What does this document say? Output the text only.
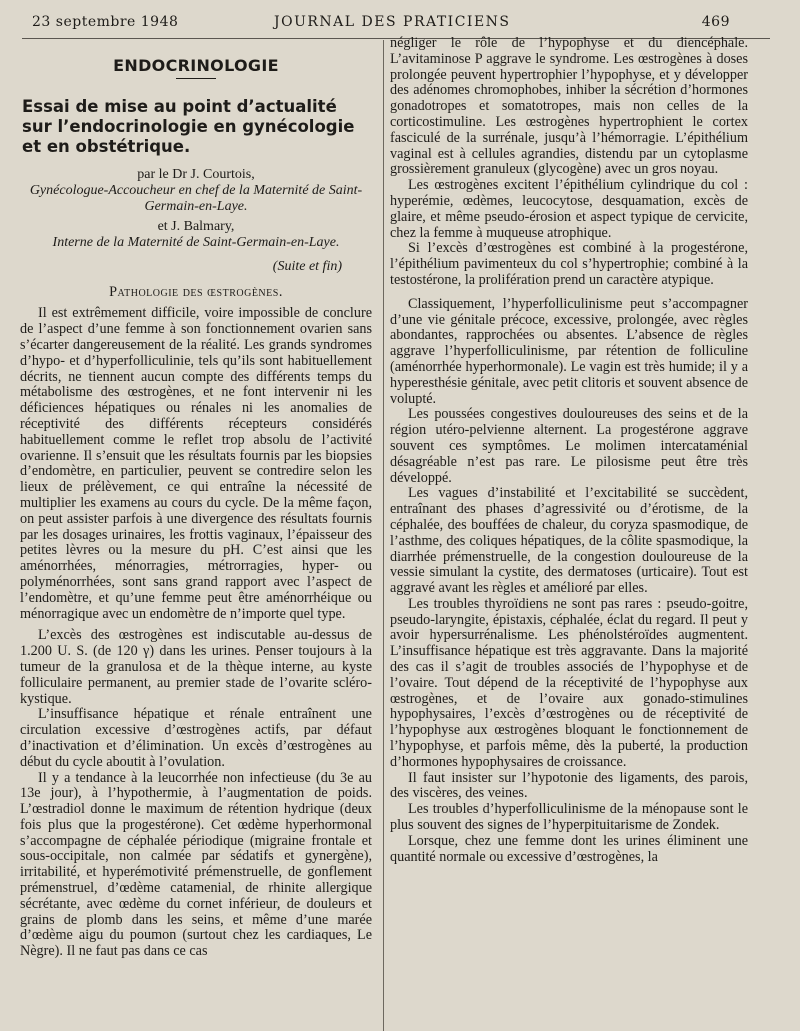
23 septembre 1948	JOURNAL DES PRATICIENS	469
ENDOCRINOLOGIE
Essai de mise au point d’actualité sur l’endocrinologie en gynécologie et en obstétrique.
par le Dr J. Courtois,
Gynécologue-Accoucheur en chef de la Maternité de Saint-Germain-en-Laye.
et J. Balmary,
Interne de la Maternité de Saint-Germain-en-Laye.
(Suite et fin)
Pathologie des œstrogènes.

Il est extrêmement difficile, voire impossible de conclure de l’aspect d’une femme à son fonctionnement ovarien sans s’écarter dangereusement de la réalité. Les grands syndromes d’hypo- et d’hyperfolliculinie, tels qu’ils sont habituellement décrits, ne tiennent aucun compte des différents temps du métabolisme des œstrogènes, et ne font intervenir ni les déficiences hépatiques ou rénales ni les anomalies de réceptivité des différents récepteurs considérés habituellement comme le reflet trop absolu de l’activité ovarienne. Il s’ensuit que les résultats fournis par les biopsies d’endomètre, en particulier, peuvent se contredire selon les lieux de prélèvement, ce qui entraîne la nécessité de multiplier les examens au cours du cycle. De la même façon, on peut assister parfois à une divergence des résultats fournis par les dosages urinaires, les frottis vaginaux, l’épaisseur des petites lèvres ou la mesure du pH. C’est ainsi que les aménorrhées, ménorragies, métrorragies, hyper- ou polyménorrhées, sont sans grand rapport avec l’aspect de l’endomètre, et qu’une femme peut être aménorrhéique ou ménorragique avec un endomètre de n’importe quel type.

L’excès des œstrogènes est indiscutable au-dessus de 1.200 U. S. (de 120 γ) dans les urines. Penser toujours à la tumeur de la granulosa et de la thèque interne, au kyste folliculaire permanent, au premier stade de l’ovarite scléro-kystique.

L’insuffisance hépatique et rénale entraînent une circulation excessive d’œstrogènes actifs, par défaut d’inactivation et d’élimination. Un excès d’œstrogènes au début du cycle aboutit à l’ovulation.

Il y a tendance à la leucorrhée non infectieuse (du 3e au 13e jour), à l’hypothermie, à l’augmentation de poids. L’œstradiol donne le maximum de rétention hydrique (deux fois plus que la progestérone). Cet œdème hyperhormonal s’accompagne de céphalée périodique (migraine frontale et sous-occipitale, non calmée par sédatifs et gynergène), irritabilité, et hyperémotivité prémenstruelle, de gonflement prémenstruel, d’œdème catamenial, de rhinite allergique sécrétante, avec œdème du cornet inférieur, de douleurs et grains de plomb dans les seins, et même d’une marée d’œdème aigu du poumon (surtout chez les cardiaques, Le Nègre). Il ne faut pas dans ce cas

négliger le rôle de l’hypophyse et du diencéphale. L’avitaminose P aggrave le syndrome. Les œstrogènes à doses prolongée peuvent hypertrophier l’hypophyse, et y développer des adénomes chromophobes, inhiber la sécrétion d’hormones gonadotropes et somatotropes, mais non celles de la corticostimuline. Les œstrogènes hypertrophient le cortex fasciculé de la surrénale, jusqu’à l’hémorragie. L’épithélium vaginal est à cellules agrandies, distendu par un cytoplasme grossièrement granuleux (glycogène) avec un gros noyau.

Les œstrogènes excitent l’épithélium cylindrique du col : hyperémie, œdèmes, leucocytose, desquamation, excès de glaire, et même pseudo-érosion et aspect typique de cervicite, chez la femme à muqueuse atrophique.

Si l’excès d’œstrogènes est combiné à la progestérone, l’épithélium pavimenteux du col s’hypertrophie; combiné à la testostérone, la prolifération prend un caractère atypique.

Classiquement, l’hyperfolliculinisme peut s’accompagner d’une vie génitale précoce, excessive, prolongée, avec règles abondantes, rapprochées ou absentes. L’absence de règles aggrave l’hyperfolliculinisme, par rétention de folliculine (aménorrhée hyperhormonale). Le vagin est très humide; il y a hyperesthésie génitale, avec petit clitoris et souvent absence de volupté.

Les poussées congestives douloureuses des seins et de la région utéro-pelvienne alternent. La progestérone aggrave souvent ces symptômes. Le molimen intercataménial désagréable n’est pas rare. Le pilosisme peut être très développé.

Les vagues d’instabilité et l’excitabilité se succèdent, entraînant des phases d’agressivité ou d’érotisme, de la céphalée, des bouffées de chaleur, du coryza spasmodique, de l’asthme, des coliques hépatiques, de la côlite spasmodique, la diarrhée prémenstruelle, de la congestion douloureuse de la vessie simulant la cystite, des dermatoses (urticaire). Tout est aggravé avant les règles et amélioré par elles.

Les troubles thyroïdiens ne sont pas rares : pseudo-goitre, pseudo-laryngite, épistaxis, céphalée, éclat du regard. Il peut y avoir hypersurrénalisme. Les phénolstéroïdes augmentent. L’insuffisance hépatique est très aggravante. Dans la majorité des cas il s’agit de troubles associés de l’hypophyse et de l’ovaire. Tout dépend de la réceptivité de l’hypophyse aux œstrogènes, et de l’ovaire aux gonado-stimulines hypophysaires, l’excès d’œstrogènes ou de réceptivité de l’hypophyse aux œstrogènes bloquant le fonctionnement de l’hypophyse, et parfois même, dès la puberté, la production d’hormones hypophysaires de croissance.

Il faut insister sur l’hypotonie des ligaments, des parois, des viscères, des veines.

Les troubles d’hyperfolliculinisme de la ménopause sont le plus souvent des signes de l’hyperpituitarisme de Zondek.

Lorsque, chez une femme dont les urines éliminent une quantité normale ou excessive d’œstrogènes, la
